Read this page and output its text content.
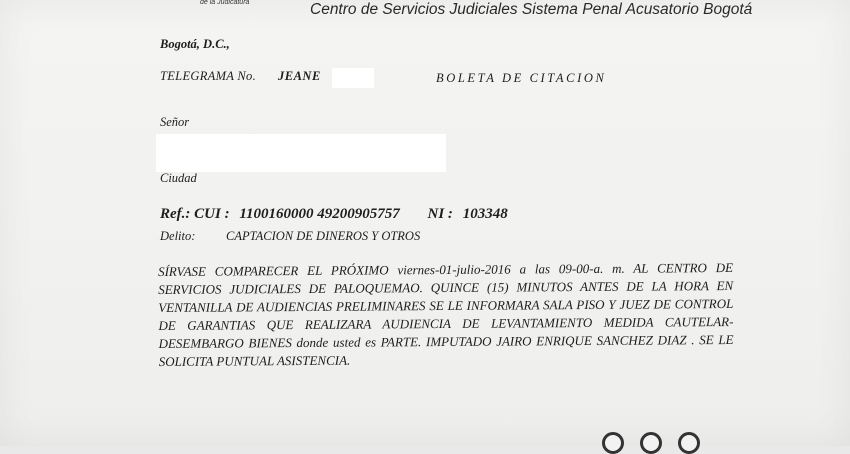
de la Judicatura	Centro de Servicios Judiciales Sistema Penal Acusatorio Bogotá
Bogotá, D.C.,
TELEGRAMA No. JEANE	BOLETA DE CITACION
Señor
Ciudad
Ref.: CUI : 1100160000 49200905757 NI : 103348
Delito: CAPTACION DE DINEROS Y OTROS
SÍRVASE COMPARECER EL PRÓXIMO viernes-01-julio-2016 a las 09-00-a. m. AL CENTRO DE SERVICIOS JUDICIALES DE PALOQUEMAO. QUINCE (15) MINUTOS ANTES DE LA HORA EN VENTANILLA DE AUDIENCIAS PRELIMINARES SE LE INFORMARA SALA PISO Y JUEZ DE CONTROL DE GARANTIAS QUE REALIZARA AUDIENCIA DE LEVANTAMIENTO MEDIDA CAUTELAR-DESEMBARGO BIENES donde usted es PARTE. IMPUTADO JAIRO ENRIQUE SANCHEZ DIAZ . SE LE SOLICITA PUNTUAL ASISTENCIA.
